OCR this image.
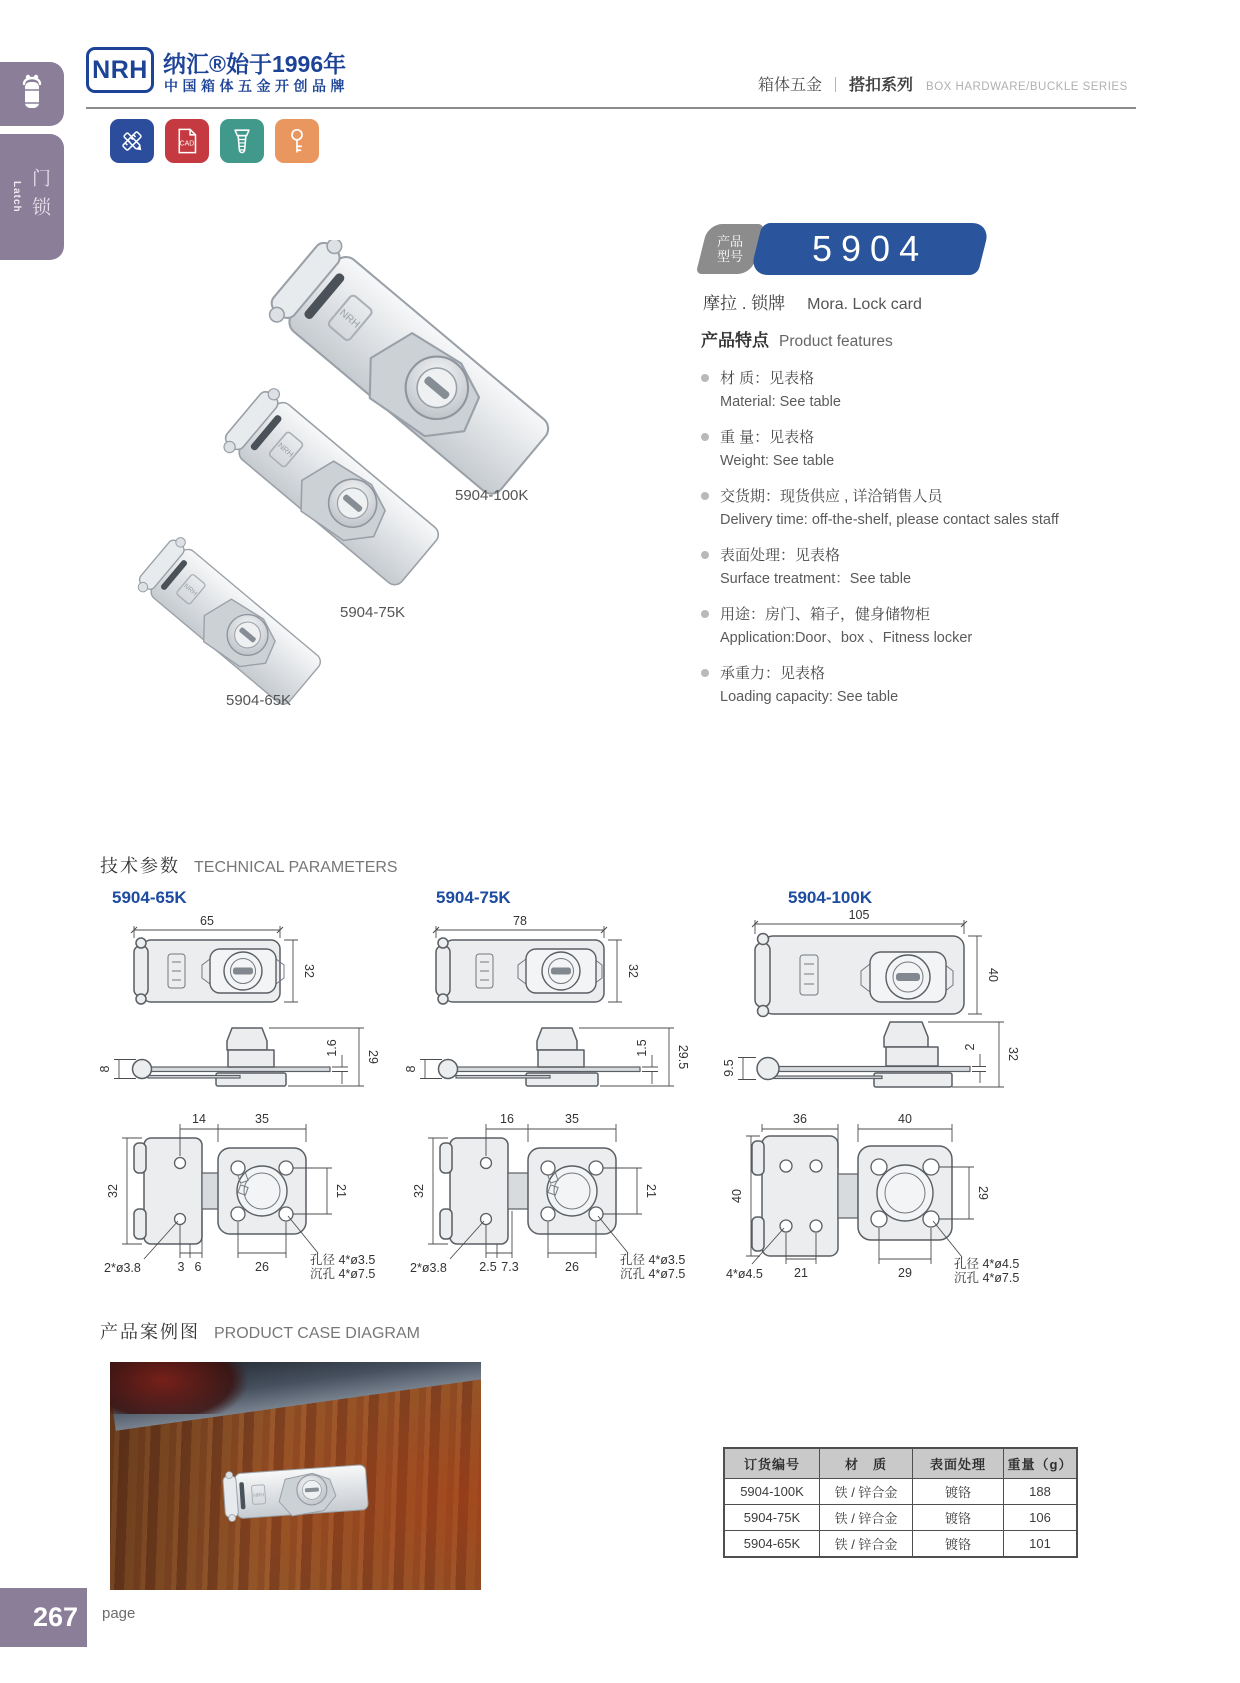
Latch 门锁
NRH 纳汇®始于1996年
中国箱体五金开创品牌	箱体五金 ｜ 搭扣系列 BOX HARDWARE/BUCKLE SERIES
CAD
产品
型号 5904
摩拉 . 锁牌 Mora. Lock card
产品特点 Product features
材 质：见表格
Material: See table
重 量：见表格
Weight: See table
交货期：现货供应 , 详洽销售人员
Delivery time: off-the-shelf, please contact sales staff
表面处理：见表格
Surface treatment：See table
用途：房门、箱子，健身储物柜
Application:Door、box 、Fitness locker
承重力：见表格
Loading capacity: See table
NRH
5904-100K
5904-75K
5904-65K
技术参数 TECHNICAL PARAMETERS
5904-65K	5904-75K	5904-100K
65
32
8
1.6
29
14	35
32	21
3 6	26
2*ø3.8
孔径 4*ø3.5
沉孔 4*ø7.5
78
32
8
1.5 29.5
16	35
32	21
2.5 7.3	26
2*ø3.8
孔径 4*ø3.5
沉孔 4*ø7.5
105
40
9.5
2
32
36	40
40	29
21	29
4*ø4.5
孔径 4*ø4.5
沉孔 4*ø7.5
产品案例图 PRODUCT CASE DIAGRAM
订货编号	材　质	表面处理	重量（g）
5904-100K	铁 / 锌合金	镀铬	188
5904-75K	铁 / 锌合金	镀铬	106
5904-65K	铁 / 锌合金	镀铬	101
267	page
